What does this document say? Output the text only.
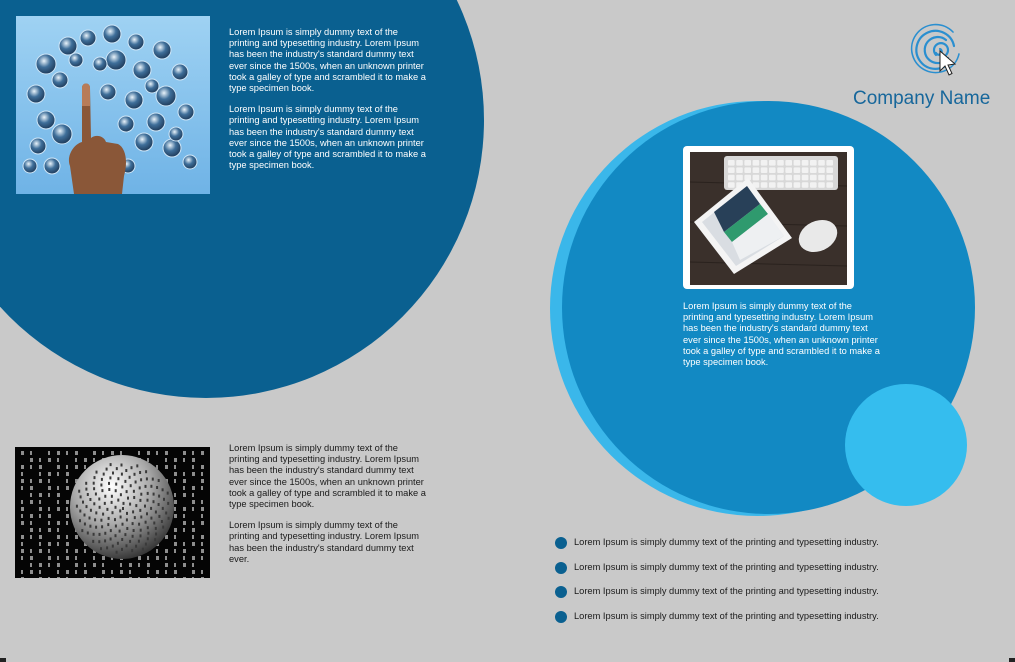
Lorem Ipsum is simply dummy text of the printing and typesetting industry. Lorem Ipsum has been the industry's standard dummy text ever since the 1500s, when an unknown printer took a galley of type and scrambled it to make a type specimen book.

Lorem Ipsum is simply dummy text of the printing and typesetting industry. Lorem Ipsum has been the industry's standard dummy text ever since the 1500s, when an unknown printer took a galley of type and scrambled it to make a type specimen book.

Lorem Ipsum is simply dummy text of the printing and typesetting industry. Lorem Ipsum has been the industry's standard dummy text ever since the 1500s, when an unknown printer took a galley of type and scrambled it to make a type specimen book.

Lorem Ipsum is simply dummy text of the printing and typesetting industry. Lorem Ipsum has been the industry's standard dummy text ever.

Company Name

Lorem Ipsum is simply dummy text of the printing and typesetting industry. Lorem Ipsum has been the industry's standard dummy text ever since the 1500s, when an unknown printer took a galley of type and scrambled it to make a type specimen book.

Lorem Ipsum is simply dummy text of the printing and typesetting industry.
Lorem Ipsum is simply dummy text of the printing and typesetting industry.
Lorem Ipsum is simply dummy text of the printing and typesetting industry.
Lorem Ipsum is simply dummy text of the printing and typesetting industry.
